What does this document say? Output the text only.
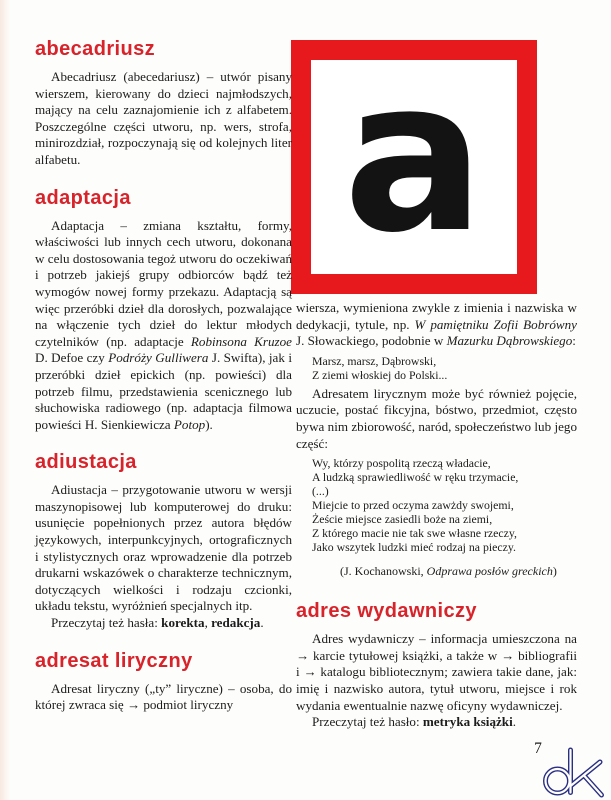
a
abecadriusz

Abecadriusz (abecedariusz) – utwór pisany wierszem, kierowany do dzieci najmłodszych, mający na celu zaznajomienie ich z alfabetem. Poszczególne części utworu, np. wers, strofa, minirozdział, rozpoczynają się od kolejnych liter alfabetu.

adaptacja

Adaptacja – zmiana kształtu, formy, właściwości lub innych cech utworu, dokonana w celu dostosowania tegoż utworu do oczekiwań i potrzeb jakiejś grupy odbiorców bądź też wymogów nowej formy przekazu. Adaptacją są więc przeróbki dzieł dla dorosłych, pozwalające na włączenie tych dzieł do lektur młodych czytelników (np. adaptacje Robinsona Kruzoe D. Defoe czy Podróży Gulliwera J. Swifta), jak i przeróbki dzieł epickich (np. powieści) dla potrzeb filmu, przedstawienia scenicznego lub słuchowiska radiowego (np. adaptacja filmowa powieści H. Sienkiewicza Potop).

adiustacja

Adiustacja – przygotowanie utworu w wersji maszynopisowej lub komputerowej do druku: usunięcie popełnionych przez autora błędów językowych, interpunkcyjnych, ortograficznych i stylistycznych oraz wprowadzenie dla potrzeb drukarni wskazówek o charakterze technicznym, dotyczących wielkości i rodzaju czcionki, układu tekstu, wyróżnień specjalnych itp.

Przeczytaj też hasła: korekta, redakcja.

adresat liryczny

Adresat liryczny („ty” liryczne) – osoba, do której zwraca się → podmiot liryczny

wiersza, wymieniona zwykle z imienia i nazwiska w dedykacji, tytule, np. W pamiętniku Zofii Bobrówny J. Słowackiego, podobnie w Mazurku Dąbrowskiego:

Marsz, marsz, Dąbrowski,
Z ziemi włoskiej do Polski...

Adresatem lirycznym może być również pojęcie, uczucie, postać fikcyjna, bóstwo, przedmiot, często bywa nim zbiorowość, naród, społeczeństwo lub jego część:

Wy, którzy pospolitą rzeczą władacie,
A ludzką sprawiedliwość w ręku trzymacie,
(...)
Miejcie to przed oczyma zawżdy swojemi,
Żeście miejsce zasiedli boże na ziemi,
Z którego macie nie tak swe własne rzeczy,
Jako wszytek ludzki mieć rodzaj na pieczy.
(J. Kochanowski, Odprawa posłów greckich)
adres wydawniczy

Adres wydawniczy – informacja umieszczona na → karcie tytułowej książki, a także w → bibliografii i → katalogu bibliotecznym; zawiera takie dane, jak: imię i nazwisko autora, tytuł utworu, miejsce i rok wydania ewentualnie nazwę oficyny wydawniczej.

Przeczytaj też hasło: metryka książki.

7
